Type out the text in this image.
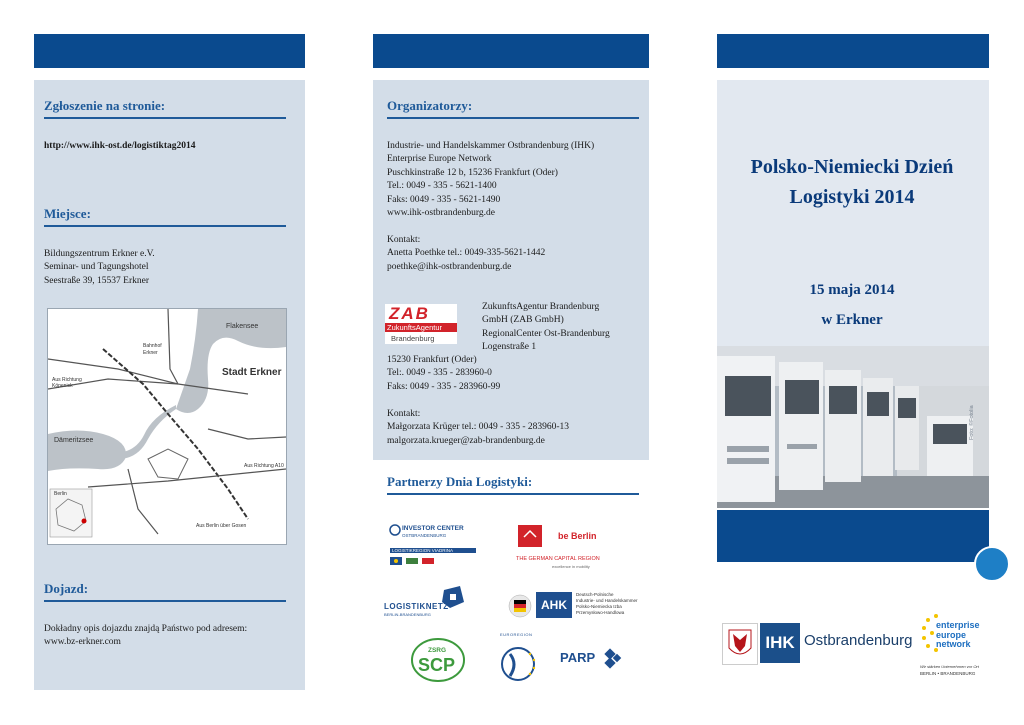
Zgłoszenie na stronie:
http://www.ihk-ost.de/logistiktag2014
Miejsce:
Bildungszentrum Erkner e.V.
Seminar- und Tagungshotel
Seestraße 39, 15537 Erkner
Flakensee
Stadt Erkner
Bahnhof
Erkner
Aus Richtung Köpenick
Dämeritzsee
Aus Richtung A10
Aus Berlin über Gosen
Berlin
Dojazd:
Dokładny opis dojazdu znajdą Państwo pod adresem:
www.bz-erkner.com
Organizatorzy:
Industrie- und Handelskammer Ostbrandenburg (IHK)
Enterprise Europe Network
Puschkinstraße 12 b, 15236 Frankfurt (Oder)
Tel.: 0049 - 335 - 5621-1400
Faks: 0049 - 335 - 5621-1490
www.ihk-ostbrandenburg.de
Kontakt:
Anetta Poethke tel.: 0049-335-5621-1442
poethke@ihk-ostbrandenburg.de
ZAB
ZukunftsAgentur
Brandenburg
ZukunftsAgentur Brandenburg
GmbH (ZAB GmbH)
RegionalCenter Ost-Brandenburg
Logenstraße 1
15230 Frankfurt (Oder)
Tel:. 0049 - 335 - 283960-0
Faks: 0049 - 335 - 283960-99
Kontakt:
Małgorzata Krüger tel.: 0049 - 335 - 283960-13
malgorzata.krueger@zab-brandenburg.de
Partnerzy Dnia Logistyki:
INVESTOR CENTER
OSTBRANDENBURG
LOGISTIKREGION VIADRINA
be Berlin
THE GERMAN CAPITAL REGION
excellence in mobility
LOGISTIKNETZ
BERLIN-BRANDENBURG
AHK
Deutsch-Polnische
Industrie- und Handelskammer
Polsko-Niemiecka Izba
Przemysłowo-Handlowa
ZSRG
SCP
EUROREGION
PARP
Polsko-Niemiecki Dzień
Logistyki 2014
15 maja 2014
w Erkner
Foto: ©Fotolia
IHK Ostbrandenburg
enterprise
europe
network
Wir stärken Unternehmen vor Ort
BERLIN • BRANDENBURG
